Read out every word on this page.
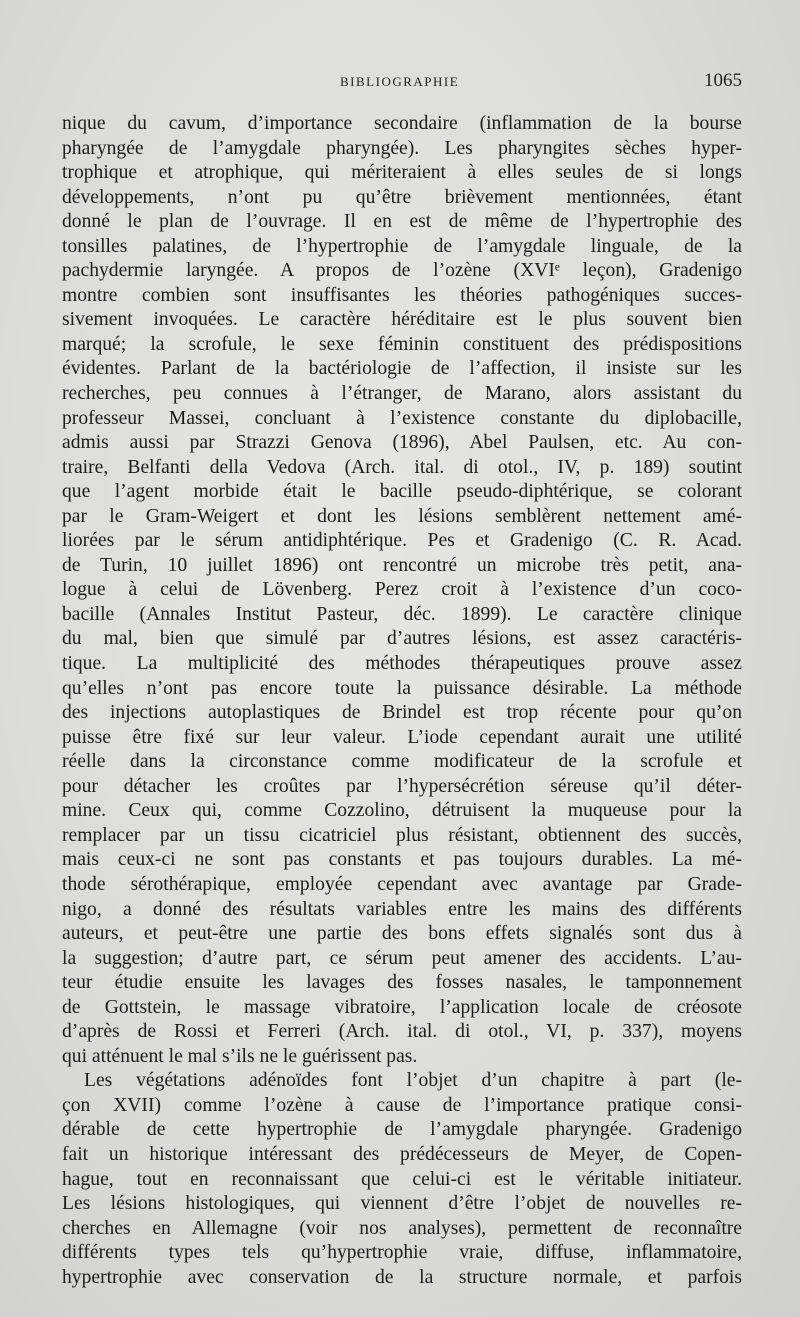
BIBLIOGRAPHIE	1065
nique du cavum, d’importance secondaire (inflammation de la bourse
pharyngée de l’amygdale pharyngée). Les pharyngites sèches hyper-
trophique et atrophique, qui mériteraient à elles seules de si longs
développements, n’ont pu qu’être brièvement mentionnées, étant
donné le plan de l’ouvrage. Il en est de même de l’hypertrophie des
tonsilles palatines, de l’hypertrophie de l’amygdale linguale, de la
pachydermie laryngée. A propos de l’ozène (XVIᵉ leçon), Gradenigo
montre combien sont insuffisantes les théories pathogéniques succes-
sivement invoquées. Le caractère héréditaire est le plus souvent bien
marqué; la scrofule, le sexe féminin constituent des prédispositions
évidentes. Parlant de la bactériologie de l’affection, il insiste sur les
recherches, peu connues à l’étranger, de Marano, alors assistant du
professeur Massei, concluant à l’existence constante du diplobacille,
admis aussi par Strazzi Genova (1896), Abel Paulsen, etc. Au con-
traire, Belfanti della Vedova (Arch. ital. di otol., IV, p. 189) soutint
que l’agent morbide était le bacille pseudo-diphtérique, se colorant
par le Gram-Weigert et dont les lésions semblèrent nettement amé-
liorées par le sérum antidiphtérique. Pes et Gradenigo (C. R. Acad.
de Turin, 10 juillet 1896) ont rencontré un microbe très petit, ana-
logue à celui de Lövenberg. Perez croit à l’existence d’un coco-
bacille (Annales Institut Pasteur, déc. 1899). Le caractère clinique
du mal, bien que simulé par d’autres lésions, est assez caractéris-
tique. La multiplicité des méthodes thérapeutiques prouve assez
qu’elles n’ont pas encore toute la puissance désirable. La méthode
des injections autoplastiques de Brindel est trop récente pour qu’on
puisse être fixé sur leur valeur. L’iode cependant aurait une utilité
réelle dans la circonstance comme modificateur de la scrofule et
pour détacher les croûtes par l’hypersécrétion séreuse qu’il déter-
mine. Ceux qui, comme Cozzolino, détruisent la muqueuse pour la
remplacer par un tissu cicatriciel plus résistant, obtiennent des succès,
mais ceux-ci ne sont pas constants et pas toujours durables. La mé-
thode sérothérapique, employée cependant avec avantage par Grade-
nigo, a donné des résultats variables entre les mains des différents
auteurs, et peut-être une partie des bons effets signalés sont dus à
la suggestion; d’autre part, ce sérum peut amener des accidents. L’au-
teur étudie ensuite les lavages des fosses nasales, le tamponnement
de Gottstein, le massage vibratoire, l’application locale de créosote
d’après de Rossi et Ferreri (Arch. ital. di otol., VI, p. 337), moyens
qui atténuent le mal s’ils ne le guérissent pas.
Les végétations adénoïdes font l’objet d’un chapitre à part (le-
çon XVII) comme l’ozène à cause de l’importance pratique consi-
dérable de cette hypertrophie de l’amygdale pharyngée. Gradenigo
fait un historique intéressant des prédécesseurs de Meyer, de Copen-
hague, tout en reconnaissant que celui-ci est le véritable initiateur.
Les lésions histologiques, qui viennent d’être l’objet de nouvelles re-
cherches en Allemagne (voir nos analyses), permettent de reconnaître
différents types tels qu’hypertrophie vraie, diffuse, inflammatoire,
hypertrophie avec conservation de la structure normale, et parfois
